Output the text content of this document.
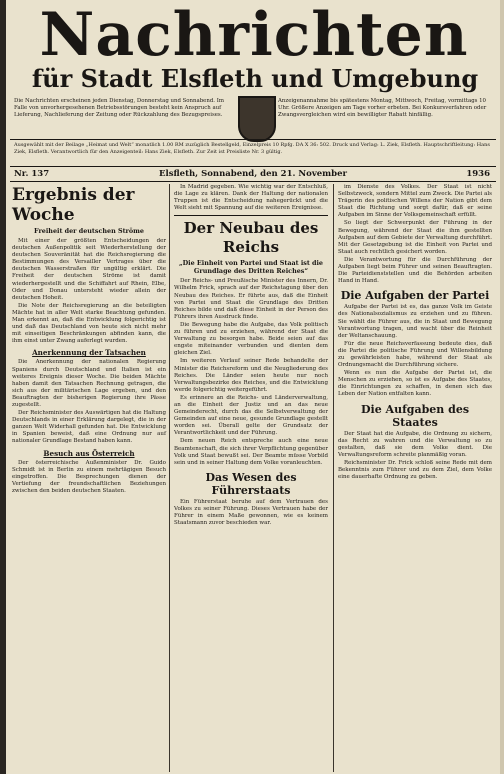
Nachrichten
für Stadt Elsfleth und Umgebung
Die Nachrichten erscheinen jeden Dienstag, Donnerstag und Sonnabend. Im Falle von unvorhergesehenen Betriebsstörungen besteht kein Anspruch auf Lieferung, Nachlieferung der Zeitung oder Rückzahlung des Bezugspreises.
Anzeigenannahme bis spätestens Montag, Mittwoch, Freitag, vormittags 10 Uhr. Größere Anzeigen am Tage vorher erbeten. Bei Konkursverfahren oder Zwangsvergleichen wird ein bewilligter Rabatt hinfällig.
Ausgewählt mit der Beilage „Heimat und Welt“ monatlich 1.00 RM zuzüglich Bestellgeld, Einzelpreis 10 Rpfg. DA X 36: 502. Druck und Verlag: L. Ziek, Elsfleth. Hauptschriftleitung: Hans Ziek, Elsfleth. Verantwortlich für den Anzeigenteil: Hans Ziek, Elsfleth. Zur Zeit ist Preisliste Nr. 3 gültig.
Nr. 137	Elsfleth, Sonnabend, den 21. November	1936
Ergebnis der Woche
Freiheit der deutschen Ströme

Mit einer der größten Entscheidungen der deutschen Außenpolitik seit Wiederherstellung der deutschen Souveränität hat die Reichsregierung die Bestimmungen des Versailler Vertrages über die deutschen Wasserstraßen für ungültig erklärt. Die Freiheit der deutschen Ströme ist damit wiederhergestellt und die Schiffahrt auf Rhein, Elbe, Oder und Donau untersteht wieder allein der deutschen Hoheit.

Die Note der Reichsregierung an die beteiligten Mächte hat in aller Welt starke Beachtung gefunden. Man erkennt an, daß die Entwicklung folgerichtig ist und daß das Deutschland von heute sich nicht mehr mit einseitigen Beschränkungen abfinden kann, die ihm einst unter Zwang auferlegt wurden.

Anerkennung der Tatsachen

Die Anerkennung der nationalen Regierung Spaniens durch Deutschland und Italien ist ein weiteres Ereignis dieser Woche. Die beiden Mächte haben damit den Tatsachen Rechnung getragen, die sich aus der militärischen Lage ergeben, und den Beauftragten der bisherigen Regierung ihre Pässe zugestellt.

Der Reichsminister des Auswärtigen hat die Haltung Deutschlands in einer Erklärung dargelegt, die in der ganzen Welt Widerhall gefunden hat. Die Entwicklung in Spanien beweist, daß eine Ordnung nur auf nationaler Grundlage Bestand haben kann.

Besuch aus Österreich

Der österreichische Außenminister Dr. Guido Schmidt ist in Berlin zu einem mehrtägigen Besuch eingetroffen. Die Besprechungen dienen der Vertiefung der freundschaftlichen Beziehungen zwischen den beiden deutschen Staaten.

In Madrid gegeben. Wie wichtig war der Entschluß, die Lage zu klären. Dank der Haltung der nationalen Truppen ist die Entscheidung nahegerückt und die Welt sieht mit Spannung auf die weiteren Ereignisse.

Der Neubau des Reichs
„Die Einheit von Partei und Staat ist die Grundlage des Dritten Reiches“

Der Reichs- und Preußische Minister des Innern, Dr. Wilhelm Frick, sprach auf der Reichstagung über den Neubau des Reiches. Er führte aus, daß die Einheit von Partei und Staat die Grundlage des Dritten Reiches bilde und daß diese Einheit in der Person des Führers ihren Ausdruck finde.

Die Bewegung habe die Aufgabe, das Volk politisch zu führen und zu erziehen, während der Staat die Verwaltung zu besorgen habe. Beide seien auf das engste miteinander verbunden und dienten dem gleichen Ziel.

Im weiteren Verlauf seiner Rede behandelte der Minister die Reichsreform und die Neugliederung des Reiches. Die Länder seien heute nur noch Verwaltungsbezirke des Reiches, und die Entwicklung werde folgerichtig weitergeführt.

Es erinnere an die Reichs- und Länderverwaltung, an die Einheit der Justiz und an das neue Gemeinderecht, durch das die Selbstverwaltung der Gemeinden auf eine neue, gesunde Grundlage gestellt worden sei. Überall gelte der Grundsatz der Verantwortlichkeit und der Führung.

Dem neuen Reich entspreche auch eine neue Beamtenschaft, die sich ihrer Verpflichtung gegenüber Volk und Staat bewußt sei. Der Beamte müsse Vorbild sein und in seiner Haltung dem Volke voranleuchten.

Das Wesen des Führerstaats

Ein Führerstaat beruhe auf dem Vertrauen des Volkes zu seiner Führung. Dieses Vertrauen habe der Führer in einem Maße gewonnen, wie es keinem Staatsmann zuvor beschieden war.

im Dienste des Volkes. Der Staat ist nicht Selbstzweck, sondern Mittel zum Zweck. Die Partei als Trägerin des politischen Willens der Nation gibt dem Staat die Richtung und sorgt dafür, daß er seine Aufgaben im Sinne der Volksgemeinschaft erfüllt.

So liegt der Schwerpunkt der Führung in der Bewegung, während der Staat die ihm gestellten Aufgaben auf dem Gebiete der Verwaltung durchführt. Mit der Gesetzgebung ist die Einheit von Partei und Staat auch rechtlich gesichert worden.

Die Verantwortung für die Durchführung der Aufgaben liegt beim Führer und seinen Beauftragten. Die Parteidienststellen und die Behörden arbeiten Hand in Hand.

Die Aufgaben der Partei

Aufgabe der Partei ist es, das ganze Volk im Geiste des Nationalsozialismus zu erziehen und zu führen. Sie wählt die Führer aus, die in Staat und Bewegung Verantwortung tragen, und wacht über die Reinheit der Weltanschauung.

Für die neue Reichsverfassung bedeute dies, daß die Partei die politische Führung und Willensbildung zu gewährleisten habe, während der Staat als Ordnungsmacht die Durchführung sichere.

Wenn es nun die Aufgabe der Partei ist, die Menschen zu erziehen, so ist es Aufgabe des Staates, die Einrichtungen zu schaffen, in denen sich das Leben der Nation entfalten kann.

Die Aufgaben des Staates

Der Staat hat die Aufgabe, die Ordnung zu sichern, das Recht zu wahren und die Verwaltung so zu gestalten, daß sie dem Volke dient. Die Verwaltungsreform schreite planmäßig voran.

Reichsminister Dr. Frick schloß seine Rede mit dem Bekenntnis zum Führer und zu dem Ziel, dem Volke eine dauerhafte Ordnung zu geben.
